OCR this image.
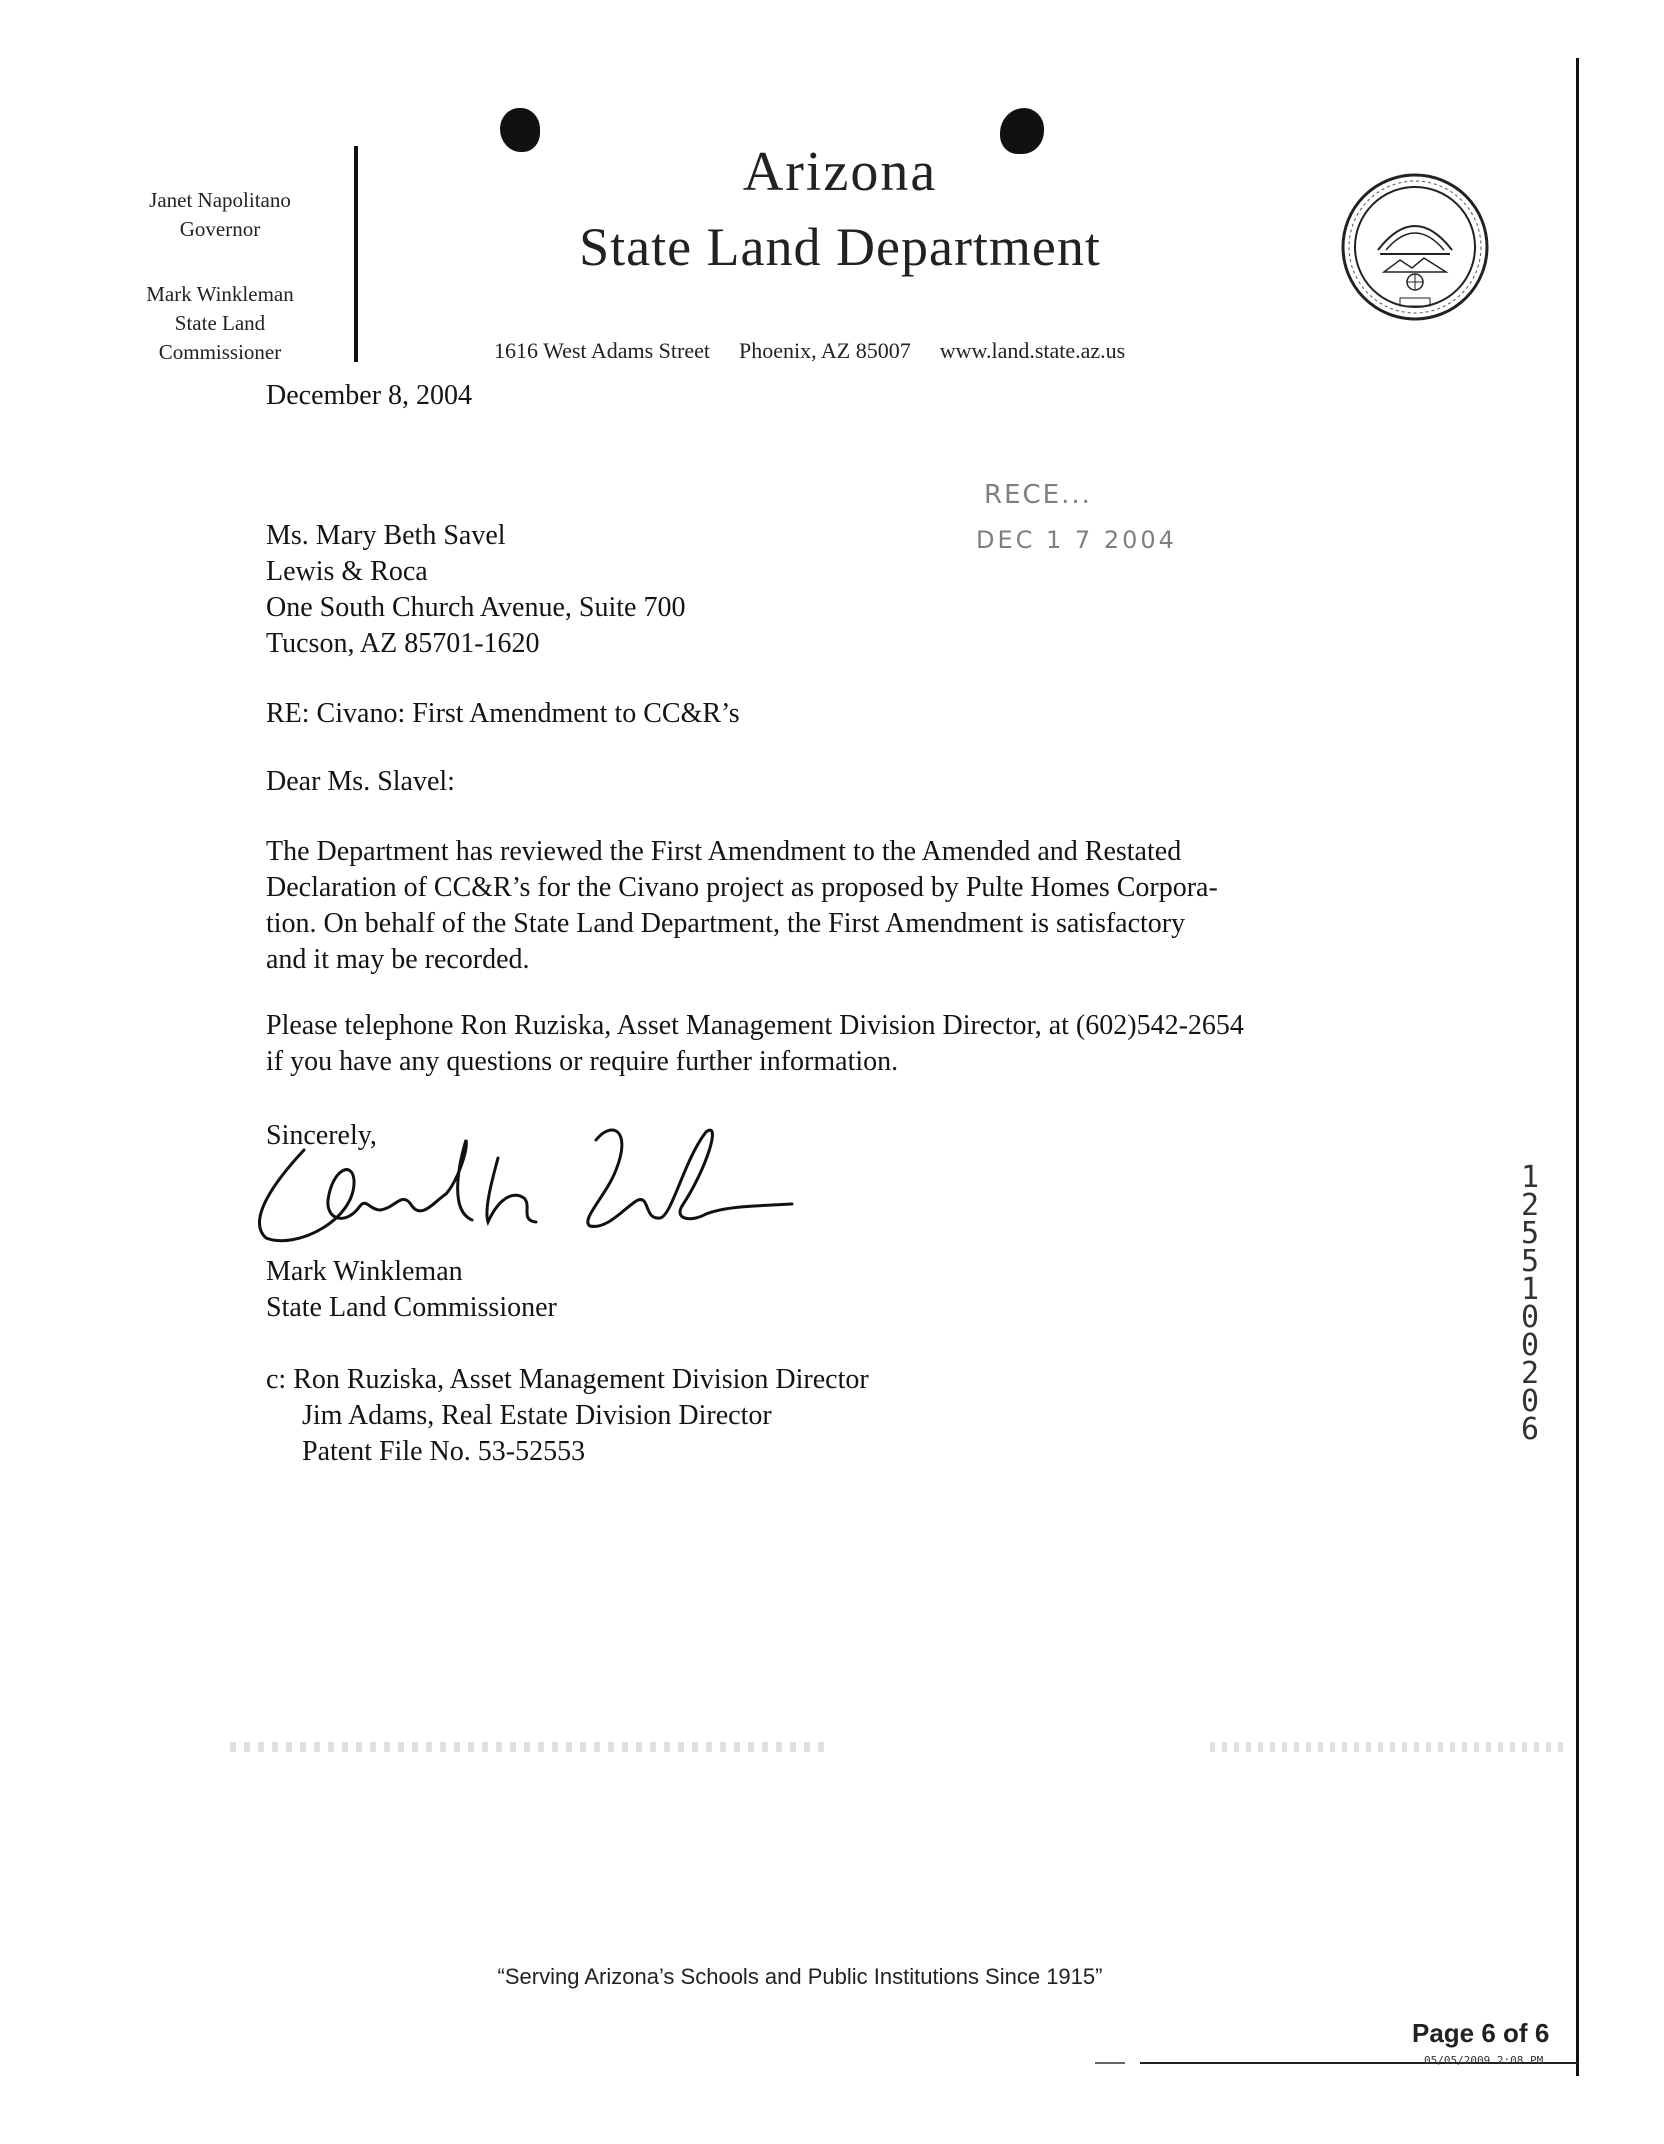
Janet Napolitano
Governor
Mark Winkleman
State Land
Commissioner
Arizona
State Land Department
1616 West Adams Street Phoenix, AZ 85007 www.land.state.az.us
December 8, 2004
RECE...
DEC 1 7 2004
Ms. Mary Beth Savel
Lewis & Roca
One South Church Avenue, Suite 700
Tucson, AZ 85701-1620
RE: Civano: First Amendment to CC&R’s
Dear Ms. Slavel:
The Department has reviewed the First Amendment to the Amended and Restated
Declaration of CC&R’s for the Civano project as proposed by Pulte Homes Corpora-
tion. On behalf of the State Land Department, the First Amendment is satisfactory
and it may be recorded.
Please telephone Ron Ruziska, Asset Management Division Director, at (602)542-2654
if you have any questions or require further information.
Sincerely,
Mark Winkleman
State Land Commissioner
c: Ron Ruziska, Asset Management Division Director
Jim Adams, Real Estate Division Director
Patent File No. 53-52553
12551 00206
“Serving Arizona’s Schools and Public Institutions Since 1915”
Page 6 of 6
05/05/2009 2:08 PM
